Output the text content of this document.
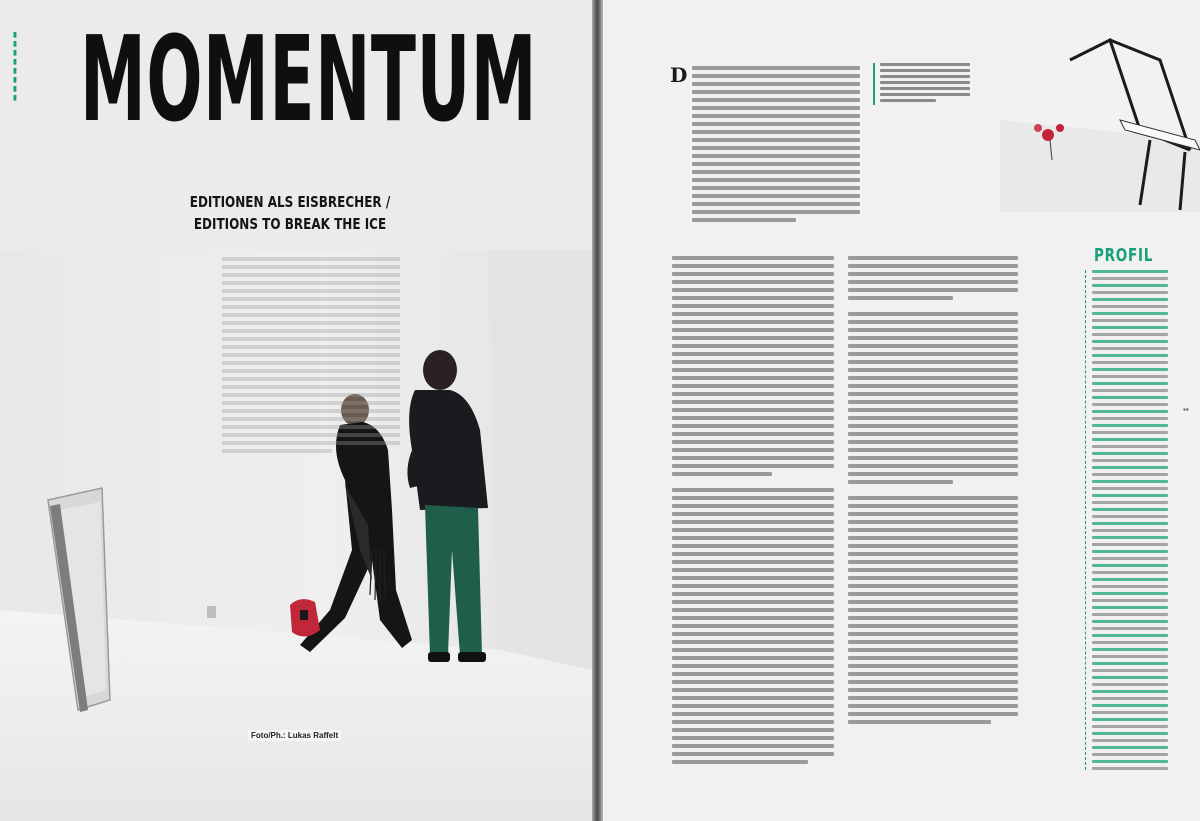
▮▮▮▮▮▮▮▮ MOMENTUM
EDITIONEN ALS EISBRECHER /
EDITIONS TO BREAK THE ICE
Foto/Ph.: Lukas Raffelt
▪▪
D
PROFIL
